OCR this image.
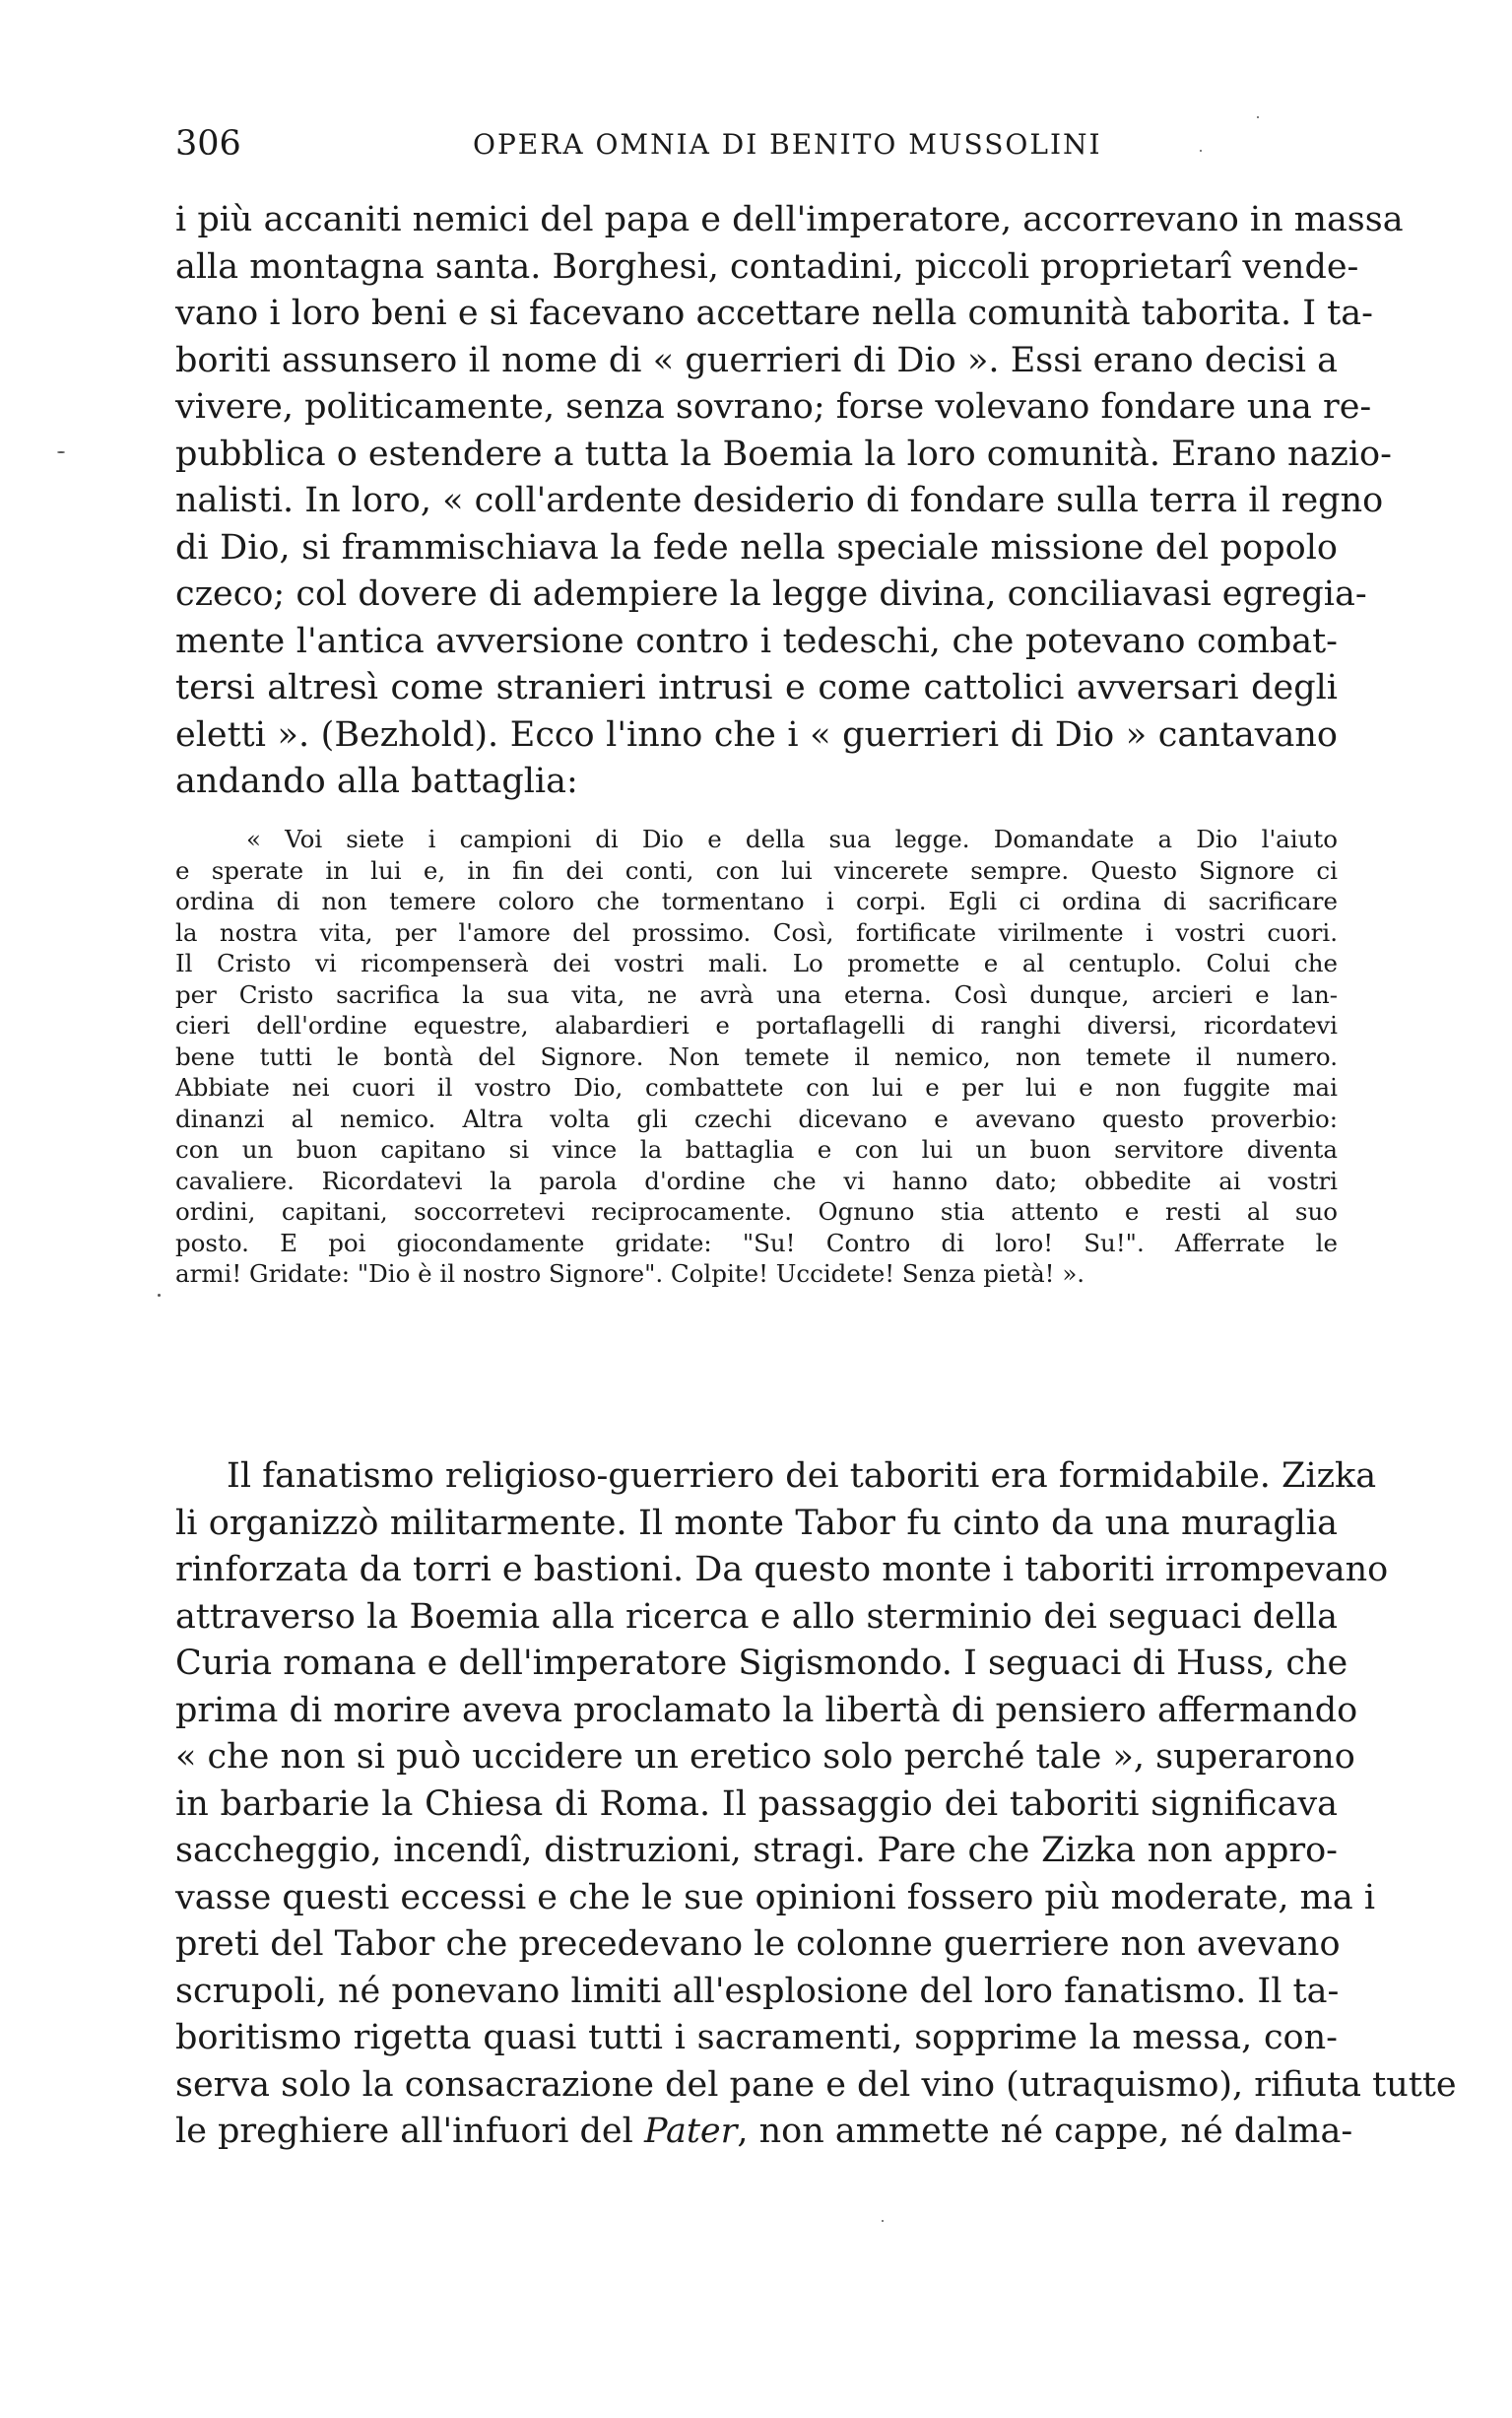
306	OPERA OMNIA DI BENITO MUSSOLINI
i più accaniti nemici del papa e dell'imperatore, accorrevano in massa
alla montagna santa. Borghesi, contadini, piccoli proprietarî vende-
vano i loro beni e si facevano accettare nella comunità taborita. I ta-
boriti assunsero il nome di « guerrieri di Dio ». Essi erano decisi a
vivere, politicamente, senza sovrano; forse volevano fondare una re-
pubblica o estendere a tutta la Boemia la loro comunità. Erano nazio-
nalisti. In loro, « coll'ardente desiderio di fondare sulla terra il regno
di Dio, si frammischiava la fede nella speciale missione del popolo
czeco; col dovere di adempiere la legge divina, conciliavasi egregia-
mente l'antica avversione contro i tedeschi, che potevano combat-
tersi altresì come stranieri intrusi e come cattolici avversari degli
eletti ». (Bezhold). Ecco l'inno che i « guerrieri di Dio » cantavano
andando alla battaglia:
« Voi siete i campioni di Dio e della sua legge. Domandate a Dio l'aiuto
e sperate in lui e, in fin dei conti, con lui vincerete sempre. Questo Signore ci
ordina di non temere coloro che tormentano i corpi. Egli ci ordina di sacrificare
la nostra vita, per l'amore del prossimo. Così, fortificate virilmente i vostri cuori.
Il Cristo vi ricompenserà dei vostri mali. Lo promette e al centuplo. Colui che
per Cristo sacrifica la sua vita, ne avrà una eterna. Così dunque, arcieri e lan-
cieri dell'ordine equestre, alabardieri e portaflagelli di ranghi diversi, ricordatevi
bene tutti le bontà del Signore. Non temete il nemico, non temete il numero.
Abbiate nei cuori il vostro Dio, combattete con lui e per lui e non fuggite mai
dinanzi al nemico. Altra volta gli czechi dicevano e avevano questo proverbio:
con un buon capitano si vince la battaglia e con lui un buon servitore diventa
cavaliere. Ricordatevi la parola d'ordine che vi hanno dato; obbedite ai vostri
ordini, capitani, soccorretevi reciprocamente. Ognuno stia attento e resti al suo
posto. E poi giocondamente gridate: "Su! Contro di loro! Su!". Afferrate le
armi! Gridate: "Dio è il nostro Signore". Colpite! Uccidete! Senza pietà! ».
Il fanatismo religioso-guerriero dei taboriti era formidabile. Zizka
li organizzò militarmente. Il monte Tabor fu cinto da una muraglia
rinforzata da torri e bastioni. Da questo monte i taboriti irrompevano
attraverso la Boemia alla ricerca e allo sterminio dei seguaci della
Curia romana e dell'imperatore Sigismondo. I seguaci di Huss, che
prima di morire aveva proclamato la libertà di pensiero affermando
« che non si può uccidere un eretico solo perché tale », superarono
in barbarie la Chiesa di Roma. Il passaggio dei taboriti significava
saccheggio, incendî, distruzioni, stragi. Pare che Zizka non appro-
vasse questi eccessi e che le sue opinioni fossero più moderate, ma i
preti del Tabor che precedevano le colonne guerriere non avevano
scrupoli, né ponevano limiti all'esplosione del loro fanatismo. Il ta-
boritismo rigetta quasi tutti i sacramenti, sopprime la messa, con-
serva solo la consacrazione del pane e del vino (utraquismo), rifiuta tutte
le preghiere all'infuori del Pater, non ammette né cappe, né dalma-
